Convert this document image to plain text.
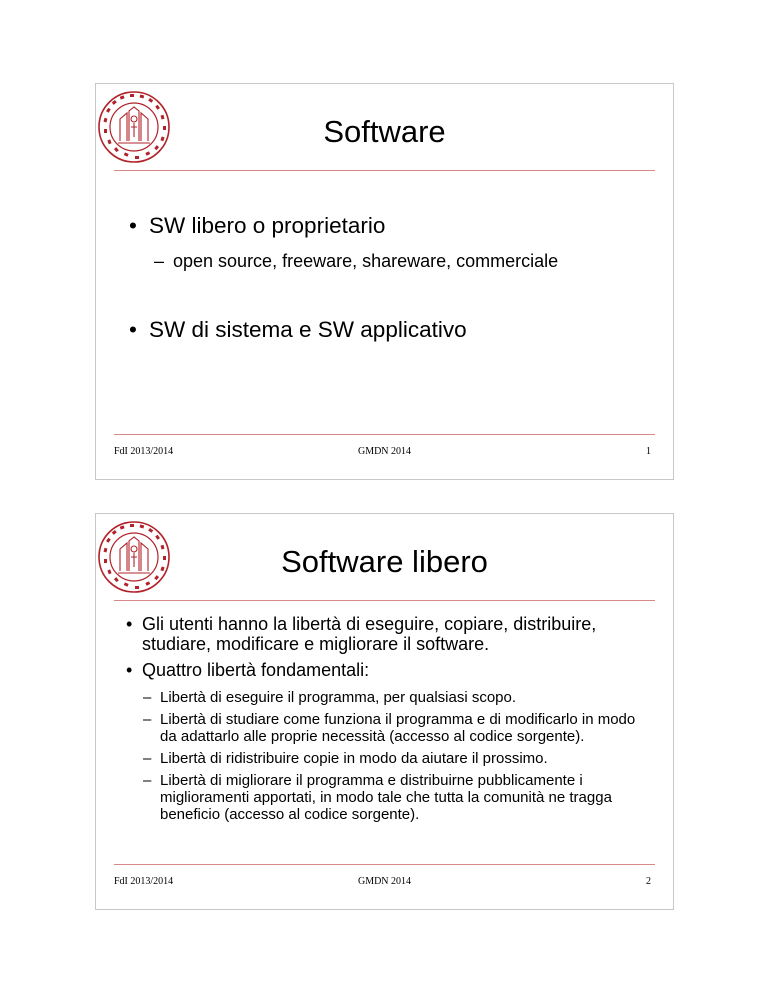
Software
• SW libero o proprietario
– open source, freeware, shareware, commerciale
• SW di sistema e SW applicativo
FdI 2013/2014	GMDN 2014	1
Software libero
• Gli utenti hanno la libertà di eseguire, copiare, distribuire, studiare, modificare e migliorare il software.
• Quattro libertà fondamentali:
– Libertà di eseguire il programma, per qualsiasi scopo.
– Libertà di studiare come funziona il programma e di modificarlo in modo da adattarlo alle proprie necessità (accesso al codice sorgente).
– Libertà di ridistribuire copie in modo da aiutare il prossimo.
– Libertà di migliorare il programma e distribuirne pubblicamente i miglioramenti apportati, in modo tale che tutta la comunità ne tragga beneficio (accesso al codice sorgente).
FdI 2013/2014	GMDN 2014	2
